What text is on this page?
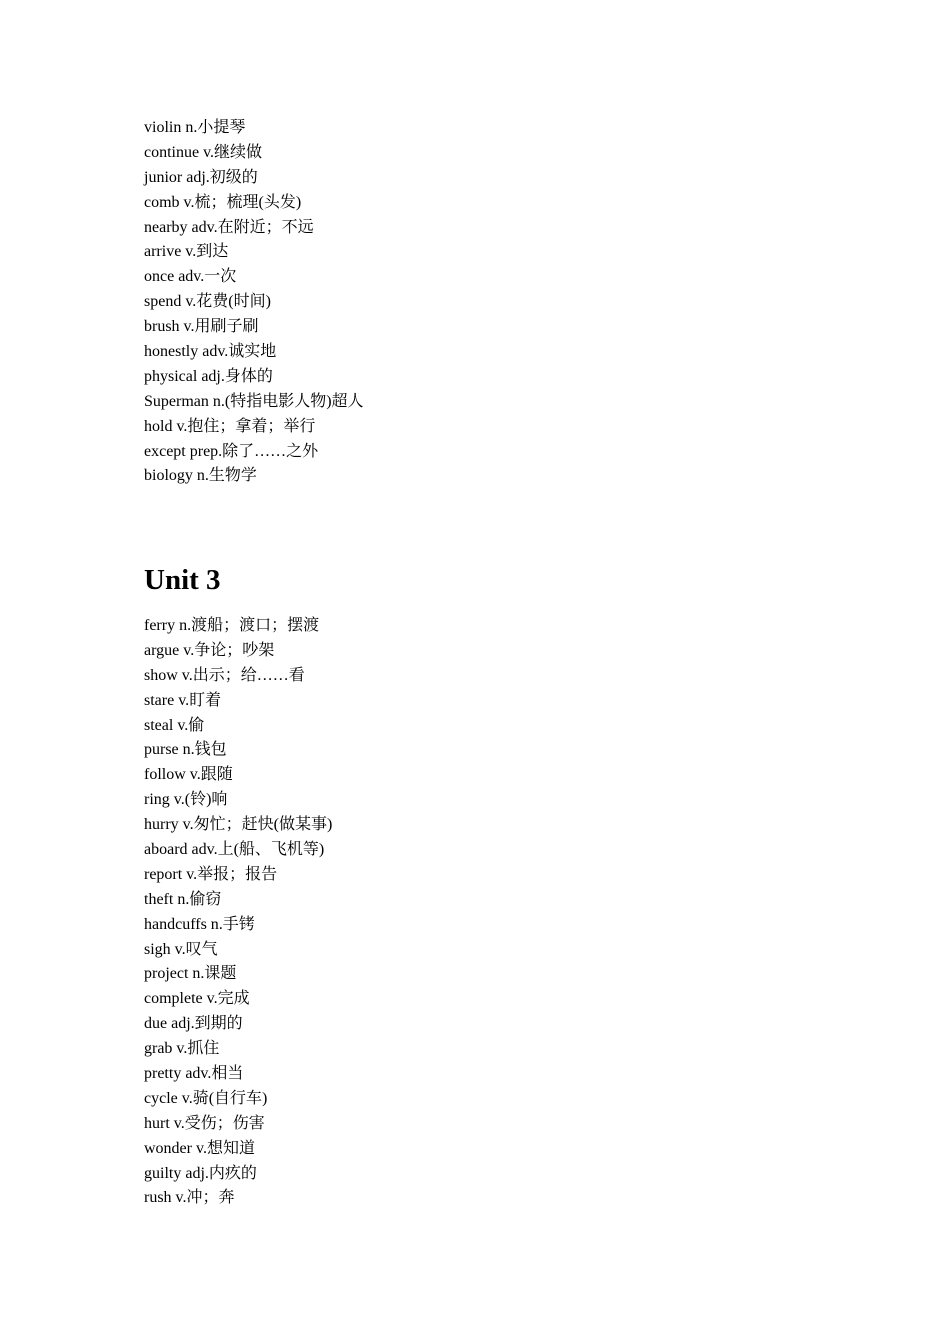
violin n.小提琴
continue v.继续做
junior adj.初级的
comb v.梳；梳理(头发)
nearby adv.在附近；不远
arrive v.到达
once adv.一次
spend v.花费(时间)
brush v.用刷子刷
honestly adv.诚实地
physical adj.身体的
Superman n.(特指电影人物)超人
hold v.抱住；拿着；举行
except prep.除了……之外
biology n.生物学
Unit 3
ferry n.渡船；渡口；摆渡
argue v.争论；吵架
show v.出示；给……看
stare v.盯着
steal v.偷
purse n.钱包
follow v.跟随
ring v.(铃)响
hurry v.匆忙；赶快(做某事)
aboard adv.上(船、飞机等)
report v.举报；报告
theft n.偷窃
handcuffs n.手铐
sigh v.叹气
project n.课题
complete v.完成
due adj.到期的
grab v.抓住
pretty adv.相当
cycle v.骑(自行车)
hurt v.受伤；伤害
wonder v.想知道
guilty adj.内疚的
rush v.冲；奔
